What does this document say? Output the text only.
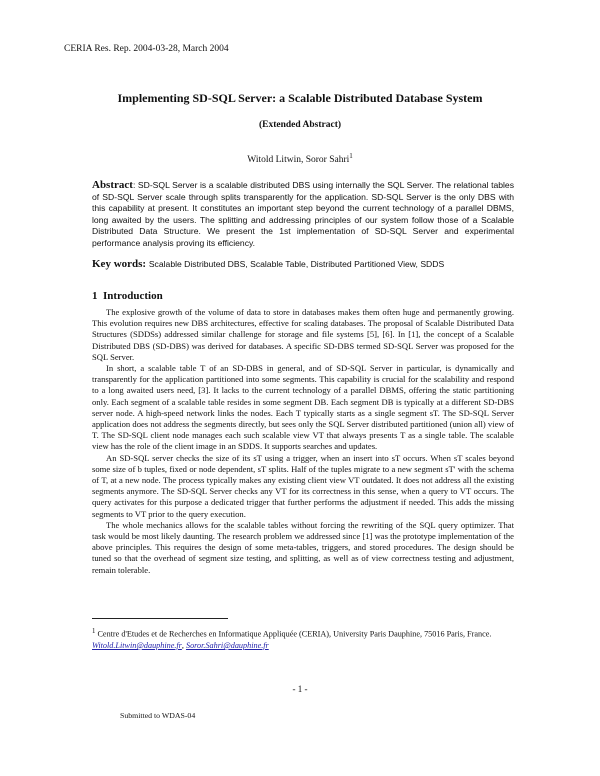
CERIA Res. Rep. 2004-03-28, March 2004
Implementing SD-SQL Server: a Scalable Distributed Database System
(Extended Abstract)
Witold Litwin, Soror Sahri$^1$
Abstract: SD-SQL Server is a scalable distributed DBS using internally the SQL Server. The relational tables of SD-SQL Server scale through splits transparently for the application. SD-SQL Server is the only DBS with this capability at present. It constitutes an important step beyond the current technology of a parallel DBMS, long awaited by the users. The splitting and addressing principles of our system follow those of a Scalable Distributed Data Structure. We present the 1st implementation of SD-SQL Server and experimental performance analysis proving its efficiency.
Key words: Scalable Distributed DBS, Scalable Table, Distributed Partitioned View, SDDS
1 Introduction

The explosive growth of the volume of data to store in databases makes them often huge and permanently growing. This evolution requires new DBS architectures, effective for scaling databases. The proposal of Scalable Distributed Data Structures (SDDSs) addressed similar challenge for storage and file systems [5], [6]. In [1], the concept of a Scalable Distributed DBS (SD-DBS) was derived for databases. A specific SD-DBS termed SD-SQL Server was proposed for the SQL Server.

In short, a scalable table T of an SD-DBS in general, and of SD-SQL Server in particular, is dynamically and transparently for the application partitioned into some segments. This capability is crucial for the scalability and respond to a long awaited users need, [3]. It lacks to the current technology of a parallel DBMS, offering the static partitioning only. Each segment of a scalable table resides in some segment DB. Each segment DB is typically at a different SD-DBS server node. A high-speed network links the nodes. Each T typically starts as a single segment sT. The SD-SQL Server application does not address the segments directly, but sees only the SQL Server distributed partitioned (union all) view of T. The SD-SQL client node manages each such scalable view VT that always presents T as a single table. The scalable view has the role of the client image in an SDDS. It supports searches and updates.

An SD-SQL server checks the size of its sT using a trigger, when an insert into sT occurs. When sT scales beyond some size of b tuples, fixed or node dependent, sT splits. Half of the tuples migrate to a new segment sT' with the schema of T, at a new node. The process typically makes any existing client view VT outdated. It does not address all the existing segments anymore. The SD-SQL Server checks any VT for its correctness in this sense, when a query to VT occurs. The query activates for this purpose a dedicated trigger that further performs the adjustment if needed. This adds the missing segments to VT prior to the query execution.

The whole mechanics allows for the scalable tables without forcing the rewriting of the SQL query optimizer. That task would be most likely daunting. The research problem we addressed since [1] was the prototype implementation of the above principles. This requires the design of some meta-tables, triggers, and stored procedures. The design should be tuned so that the overhead of segment size testing, and splitting, as well as of view correctness testing and adjustment, remain tolerable.

$^1$ Centre d'Etudes et de Recherches en Informatique Appliquée (CERIA), University Paris Dauphine, 75016 Paris, France. Witold.Litwin@dauphine.fr, Soror.Sahri@dauphine.fr
- 1 -
Submitted to WDAS-04
